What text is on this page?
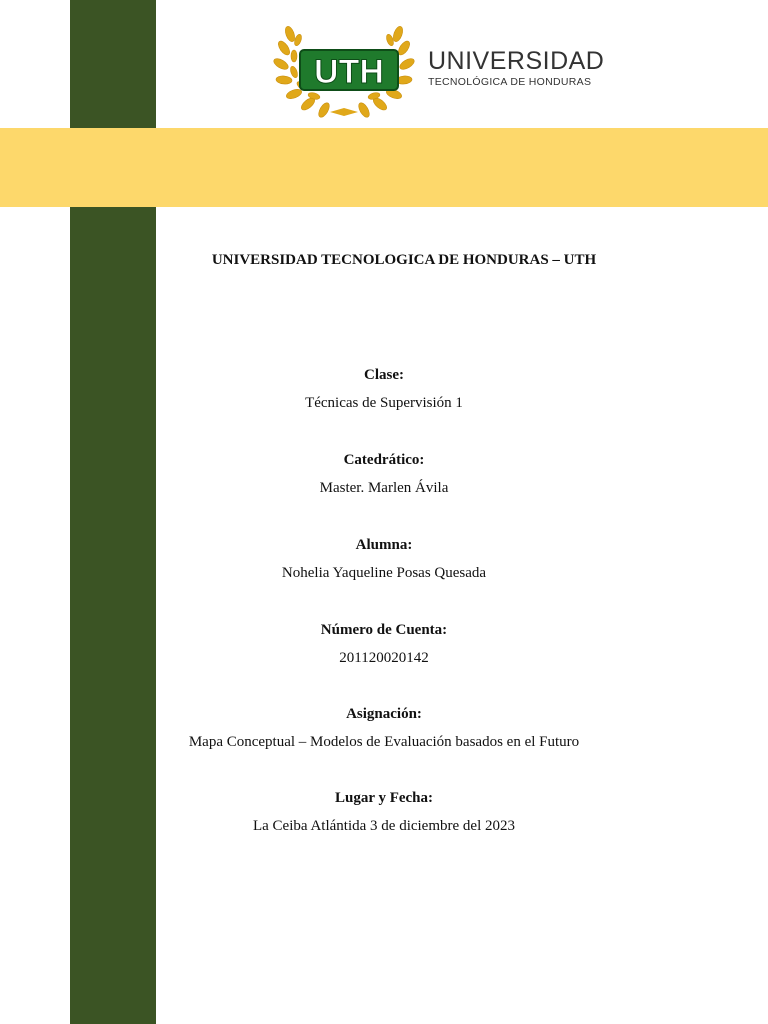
UTH UNIVERSIDAD
TECNOLÓGICA DE HONDURAS
UNIVERSIDAD TECNOLOGICA DE HONDURAS – UTH
Clase:
Técnicas de Supervisión 1
Catedrático:
Master. Marlen Ávila
Alumna:
Nohelia Yaqueline Posas Quesada
Número de Cuenta:
201120020142
Asignación:
Mapa Conceptual – Modelos de Evaluación basados en el Futuro
Lugar y Fecha:
La Ceiba Atlántida 3 de diciembre del 2023
